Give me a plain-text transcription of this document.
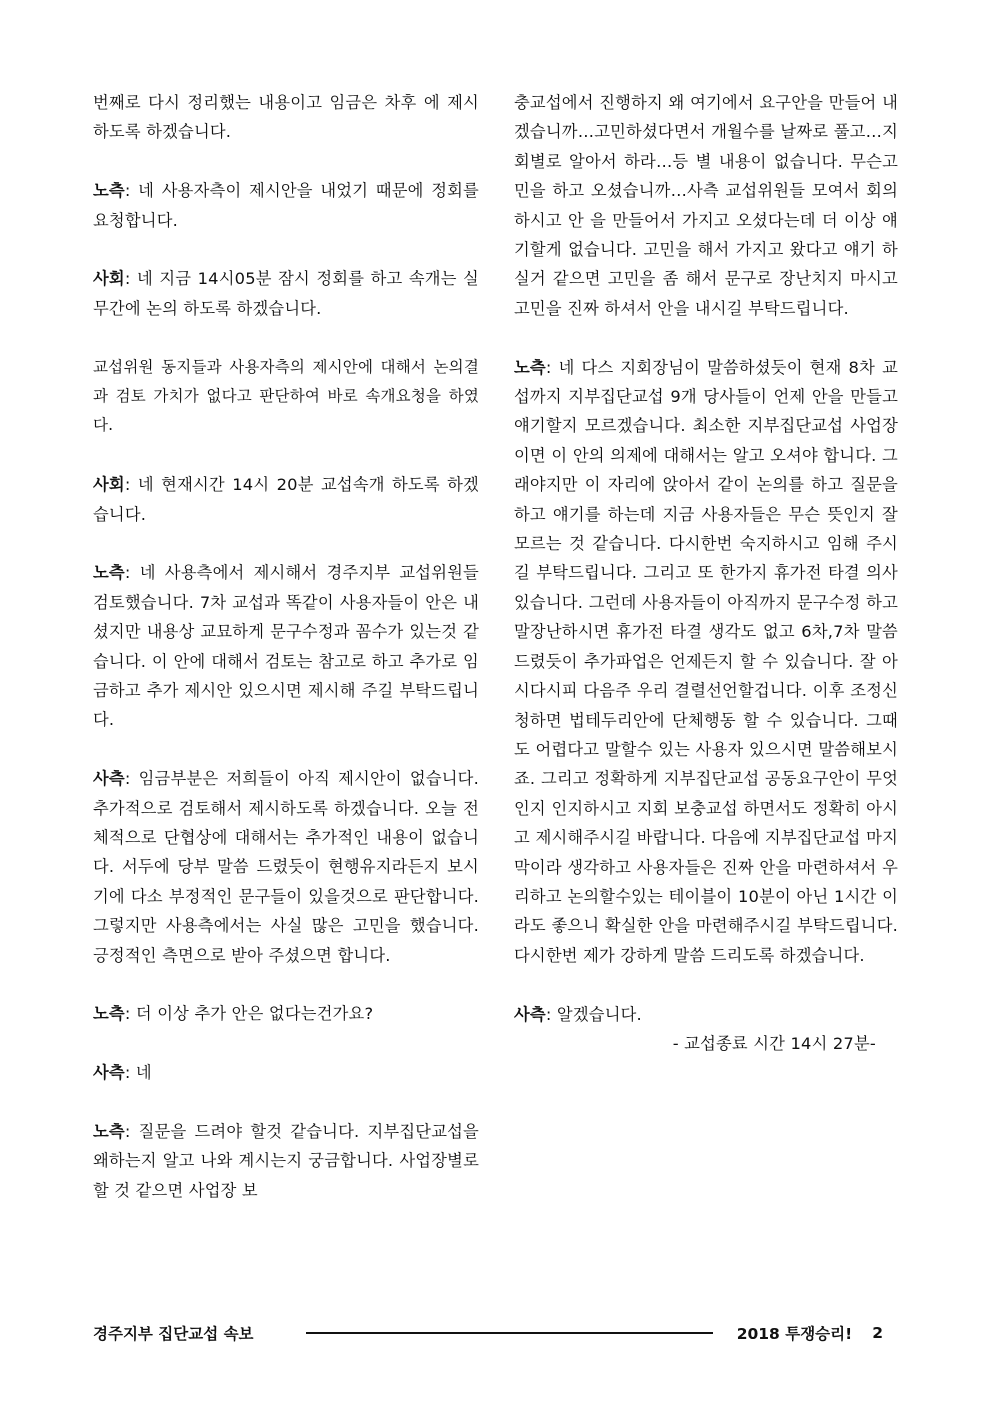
번째로 다시 정리했는 내용이고 임금은 차후 에 제시하도록 하겠습니다.

노측: 네 사용자측이 제시안을 내었기 때문에 정회를 요청합니다.

사회: 네 지금 14시05분 잠시 정회를 하고 속개는 실무간에 논의 하도록 하겠습니다.

교섭위원 동지들과 사용자측의 제시안에 대해서 논의결과 검토 가치가 없다고 판단하여 바로 속개요청을 하였다.

사회: 네 현재시간 14시 20분 교섭속개 하도록 하겠습니다.

노측: 네 사용측에서 제시해서 경주지부 교섭위원들 검토했습니다. 7차 교섭과 똑같이 사용자들이 안은 내셨지만 내용상 교묘하게 문구수정과 꼼수가 있는것 같습니다. 이 안에 대해서 검토는 참고로 하고 추가로 임금하고 추가 제시안 있으시면 제시해 주길 부탁드립니다.

사측: 임금부분은 저희들이 아직 제시안이 없습니다. 추가적으로 검토해서 제시하도록 하겠습니다. 오늘 전체적으로 단협상에 대해서는 추가적인 내용이 없습니다. 서두에 당부 말씀 드렸듯이 현행유지라든지 보시기에 다소 부정적인 문구들이 있을것으로 판단합니다. 그렇지만 사용측에서는 사실 많은 고민을 했습니다. 긍정적인 측면으로 받아 주셨으면 합니다.

노측: 더 이상 추가 안은 없다는건가요?

사측: 네

노측: 질문을 드려야 할것 같습니다. 지부집단교섭을 왜하는지 알고 나와 계시는지 궁금합니다. 사업장별로 할 것 같으면 사업장 보

충교섭에서 진행하지 왜 여기에서 요구안을 만들어 내겠습니까…고민하셨다면서 개월수를 날짜로 풀고…지회별로 알아서 하라…등 별 내용이 없습니다. 무슨고민을 하고 오셨습니까…사측 교섭위원들 모여서 회의하시고 안 을 만들어서 가지고 오셨다는데 더 이상 얘기할게 없습니다. 고민을 해서 가지고 왔다고 얘기 하실거 같으면 고민을 좀 해서 문구로 장난치지 마시고 고민을 진짜 하셔서 안을 내시길 부탁드립니다.

노측: 네 다스 지회장님이 말씀하셨듯이 현재 8차 교섭까지 지부집단교섭 9개 당사들이 언제 안을 만들고 얘기할지 모르겠습니다. 최소한 지부집단교섭 사업장이면 이 안의 의제에 대해서는 알고 오셔야 합니다. 그래야지만 이 자리에 앉아서 같이 논의를 하고 질문을 하고 얘기를 하는데 지금 사용자들은 무슨 뜻인지 잘모르는 것 같습니다. 다시한번 숙지하시고 임해 주시길 부탁드립니다. 그리고 또 한가지 휴가전 타결 의사 있습니다. 그런데 사용자들이 아직까지 문구수정 하고 말장난하시면 휴가전 타결 생각도 없고 6차,7차 말씀드렸듯이 추가파업은 언제든지 할 수 있습니다. 잘 아시다시피 다음주 우리 결렬선언할겁니다. 이후 조정신청하면 법테두리안에 단체행동 할 수 있습니다. 그때도 어렵다고 말할수 있는 사용자 있으시면 말씀해보시죠. 그리고 정확하게 지부집단교섭 공동요구안이 무엇인지 인지하시고 지회 보충교섭 하면서도 정확히 아시고 제시해주시길 바랍니다. 다음에 지부집단교섭 마지막이라 생각하고 사용자들은 진짜 안을 마련하셔서 우리하고 논의할수있는 테이블이 10분이 아닌 1시간 이라도 좋으니 확실한 안을 마련해주시길 부탁드립니다. 다시한번 제가 강하게 말씀 드리도록 하겠습니다.

사측: 알겠습니다.

- 교섭종료 시간 14시 27분-

경주지부 집단교섭 속보	2018 투쟁승리! 2
